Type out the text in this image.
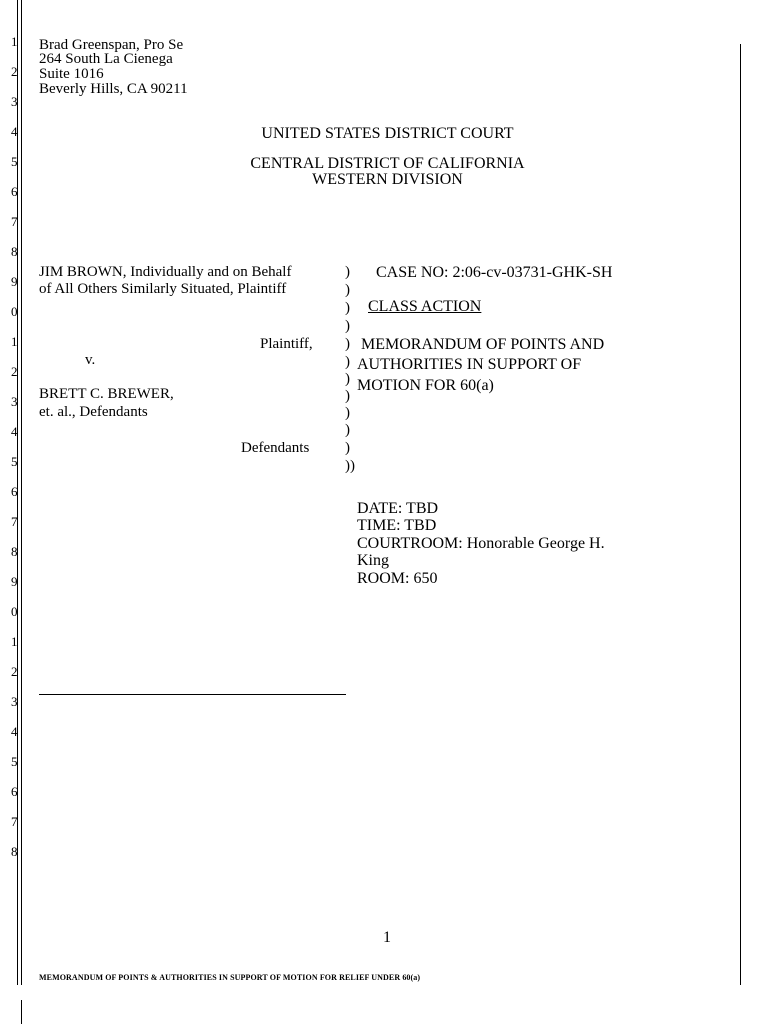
1
2
3
4
5
6
7
8
9
0
1
2
3
4
5
6
7
8
9
0
1
2
3
4
5
6
7
8
Brad Greenspan, Pro Se
264 South La Cienega
Suite 1016
Beverly Hills, CA 90211
UNITED STATES DISTRICT COURT
CENTRAL DISTRICT OF CALIFORNIA
WESTERN DIVISION
JIM BROWN, Individually and on Behalf
of All Others Similarly Situated, Plaintiff
Plaintiff,
v.
BRETT C. BREWER,
et. al., Defendants
Defendants
)
)
)
)
)
)
)
)
)
)
)
))
CASE NO: 2:06-cv-03731-GHK-SH
CLASS ACTION
MEMORANDUM OF POINTS AND
AUTHORITIES IN SUPPORT OF
MOTION FOR 60(a)
DATE: TBD
TIME: TBD
COURTROOM: Honorable George H.
King
ROOM: 650
1
MEMORANDUM OF POINTS & AUTHORITIES IN SUPPORT OF MOTION FOR RELIEF UNDER 60(a)
